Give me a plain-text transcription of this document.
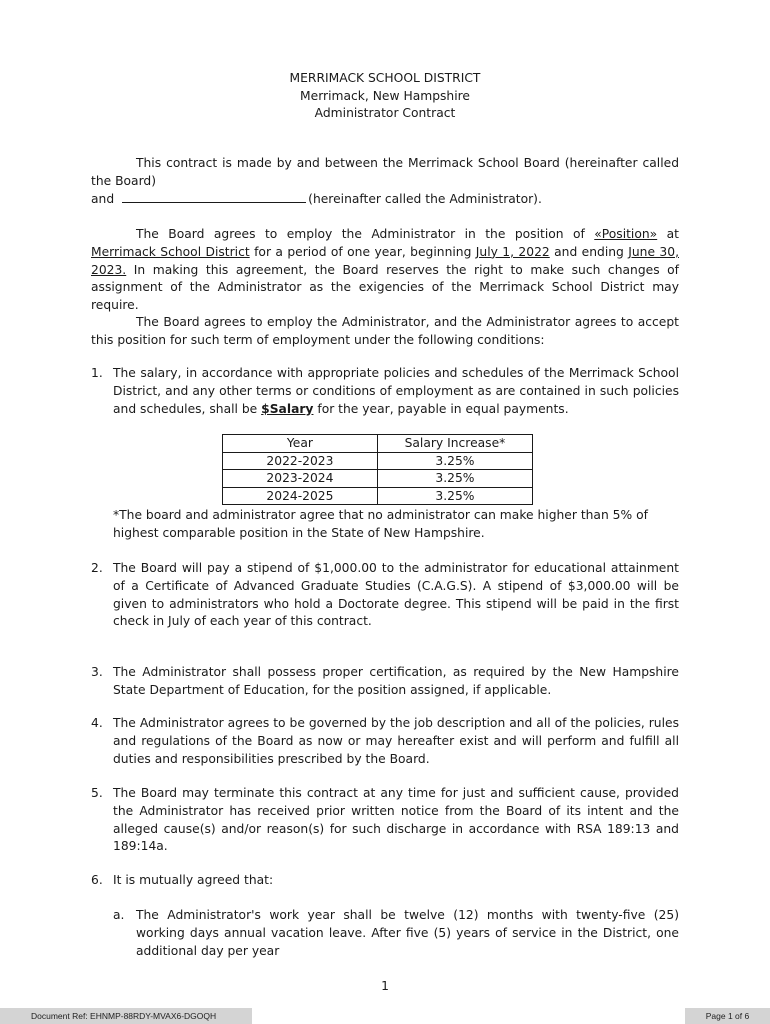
MERRIMACK SCHOOL DISTRICT
Merrimack, New Hampshire
Administrator Contract
This contract is made by and between the Merrimack School Board (hereinafter called the Board)
and	(hereinafter called the Administrator).
The Board agrees to employ the Administrator in the position of «Position» at Merrimack School District for a period of one year, beginning July 1, 2022 and ending June 30, 2023. In making this agreement, the Board reserves the right to make such changes of assignment of the Administrator as the exigencies of the Merrimack School District may require.
The Board agrees to employ the Administrator, and the Administrator agrees to accept this position for such term of employment under the following conditions:
1. The salary, in accordance with appropriate policies and schedules of the Merrimack School District, and any other terms or conditions of employment as are contained in such policies and schedules, shall be $Salary for the year, payable in equal payments.
Year	Salary Increase*
2022-2023	3.25%
2023-2024	3.25%
2024-2025	3.25%
*The board and administrator agree that no administrator can make higher than 5% of highest comparable position in the State of New Hampshire.
2. The Board will pay a stipend of $1,000.00 to the administrator for educational attainment of a Certificate of Advanced Graduate Studies (C.A.G.S). A stipend of $3,000.00 will be given to administrators who hold a Doctorate degree. This stipend will be paid in the first check in July of each year of this contract.
3. The Administrator shall possess proper certification, as required by the New Hampshire State Department of Education, for the position assigned, if applicable.
4. The Administrator agrees to be governed by the job description and all of the policies, rules and regulations of the Board as now or may hereafter exist and will perform and fulfill all duties and responsibilities prescribed by the Board.
5. The Board may terminate this contract at any time for just and sufficient cause, provided the Administrator has received prior written notice from the Board of its intent and the alleged cause(s) and/or reason(s) for such discharge in accordance with RSA 189:13 and 189:14a.
6. It is mutually agreed that:
a. The Administrator's work year shall be twelve (12) months with twenty-five (25) working days annual vacation leave. After five (5) years of service in the District, one additional day per year
1
Document Ref: EHNMP-88RDY-MVAX6-DGOQH	Page 1 of 6
